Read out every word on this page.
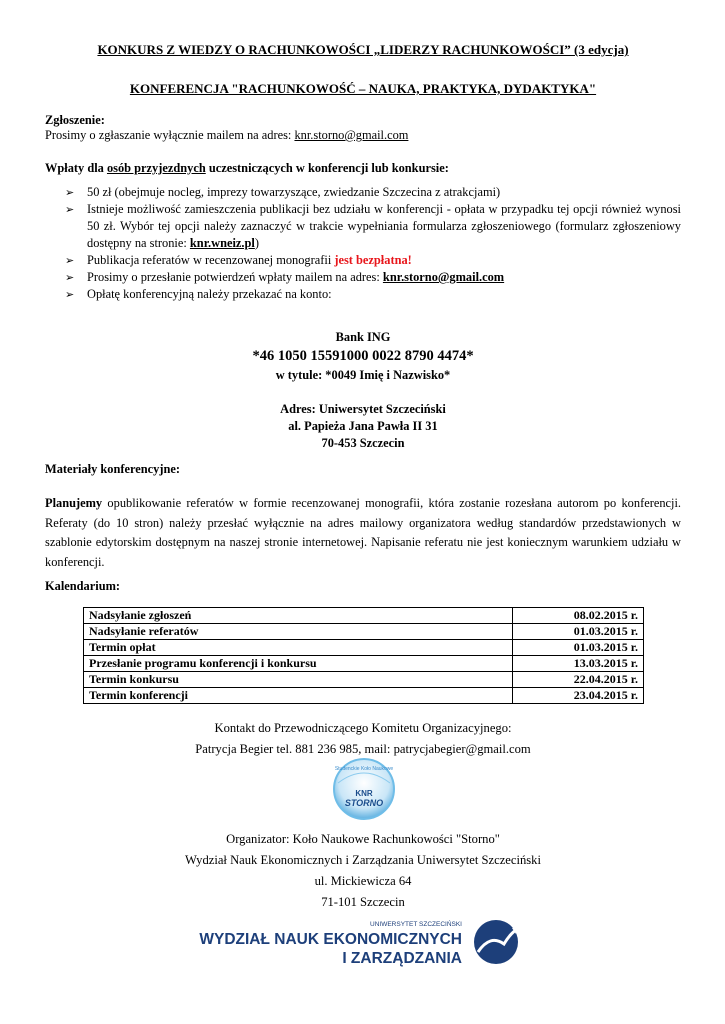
KONKURS Z WIEDZY O RACHUNKOWOŚCI „LIDERZY RACHUNKOWOŚCI” (3 edycja)
KONFERENCJA "RACHUNKOWOŚĆ – NAUKA, PRAKTYKA, DYDAKTYKA"
Zgłoszenie:
Prosimy o zgłaszanie wyłącznie mailem na adres: knr.storno@gmail.com
Wpłaty dla osób przyjezdnych uczestniczących w konferencji lub konkursie:
➢ 50 zł (obejmuje nocleg, imprezy towarzyszące, zwiedzanie Szczecina z atrakcjami)
➢ Istnieje możliwość zamieszczenia publikacji bez udziału w konferencji - opłata w przypadku tej opcji również wynosi 50 zł. Wybór tej opcji należy zaznaczyć w trakcie wypełniania formularza zgłoszeniowego (formularz zgłoszeniowy dostępny na stronie: knr.wneiz.pl)
➢ Publikacja referatów w recenzowanej monografii jest bezpłatna!
➢ Prosimy o przesłanie potwierdzeń wpłaty mailem na adres: knr.storno@gmail.com
➢ Opłatę konferencyjną należy przekazać na konto:
Bank ING
*46 1050 15591000 0022 8790 4474*
w tytule: *0049 Imię i Nazwisko*
Adres: Uniwersytet Szczeciński
al. Papieża Jana Pawła II 31
70-453 Szczecin
Materiały konferencyjne:
Planujemy opublikowanie referatów w formie recenzowanej monografii, która zostanie rozesłana autorom po konferencji. Referaty (do 10 stron) należy przesłać wyłącznie na adres mailowy organizatora według standardów przedstawionych w szablonie edytorskim dostępnym na naszej stronie internetowej. Napisanie referatu nie jest koniecznym warunkiem udziału w konferencji.
Kalendarium:
Nadsyłanie zgłoszeń	08.02.2015 r.
Nadsyłanie referatów	01.03.2015 r.
Termin opłat	01.03.2015 r.
Przesłanie programu konferencji i konkursu	13.03.2015 r.
Termin konkursu	22.04.2015 r.
Termin konferencji	23.04.2015 r.
Kontakt do Przewodniczącego Komitetu Organizacyjnego:
Patrycja Begier tel. 881 236 985, mail: patrycjabegier@gmail.com
Studenckie Koło Naukowe
KNR
STORNO
Organizator: Koło Naukowe Rachunkowości "Storno"
Wydział Nauk Ekonomicznych i Zarządzania Uniwersytet Szczeciński
ul. Mickiewicza 64
71-101 Szczecin
UNIWERSYTET SZCZECIŃSKI
WYDZIAŁ NAUK EKONOMICZNYCH
I ZARZĄDZANIA
